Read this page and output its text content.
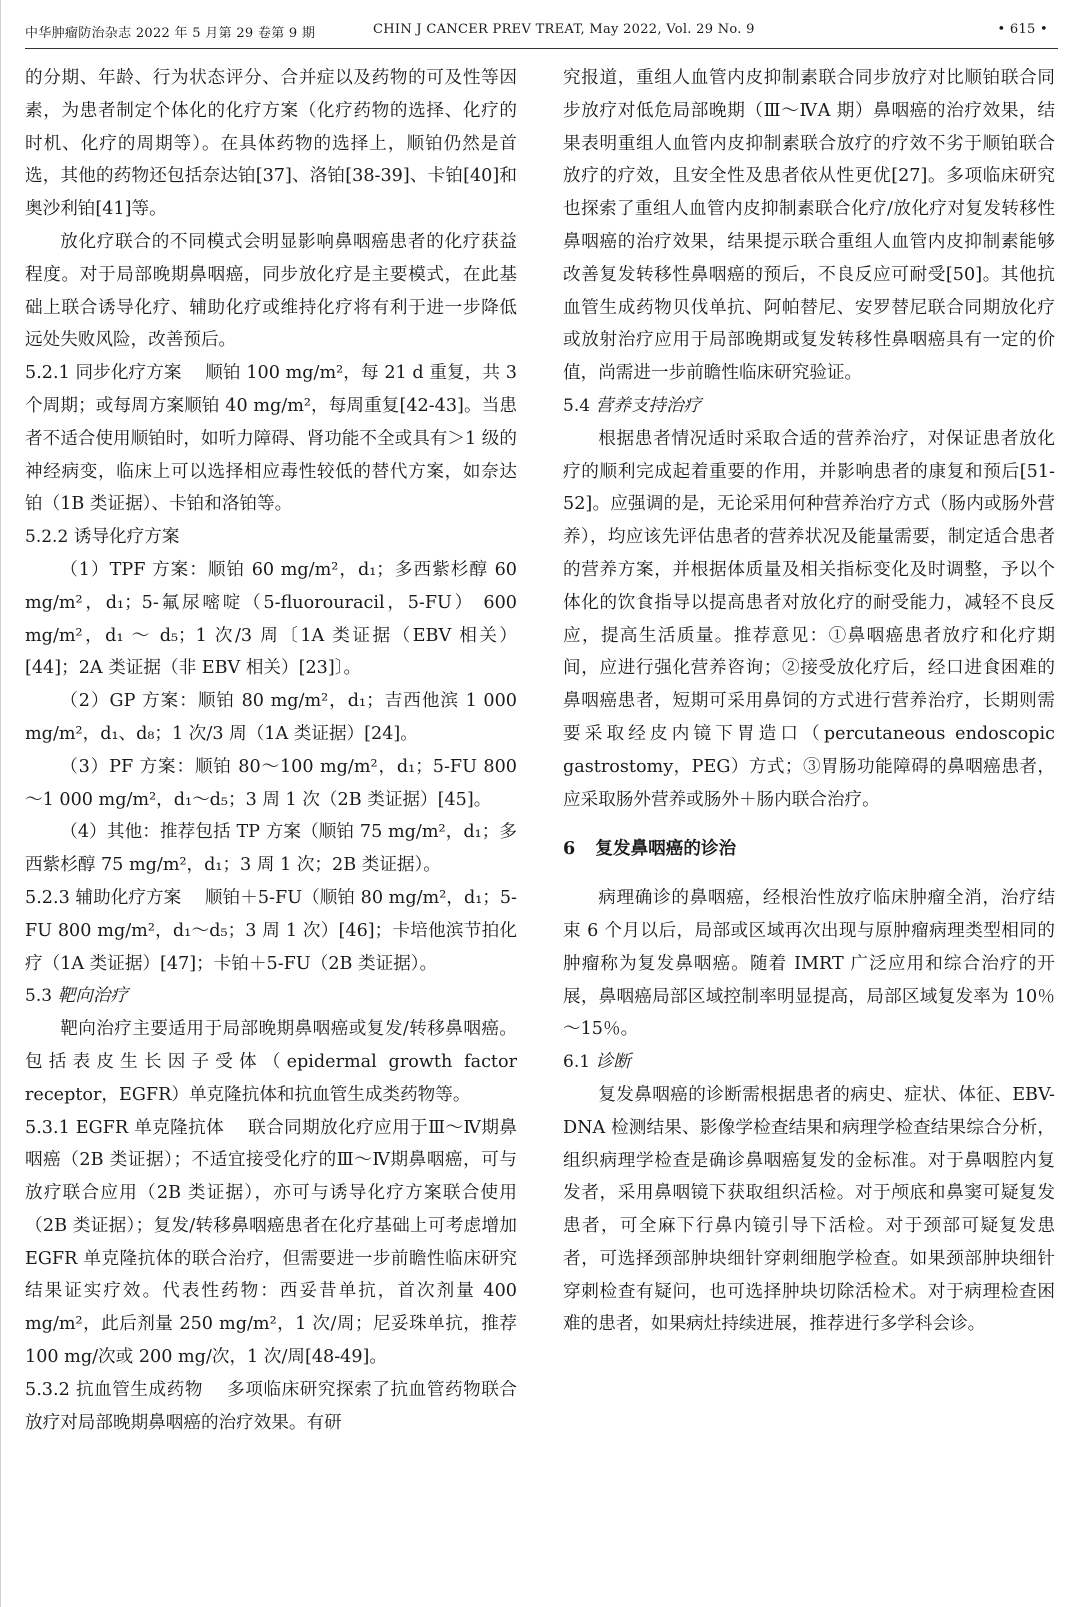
中华肿瘤防治杂志 2022 年 5 月第 29 卷第 9 期	CHIN J CANCER PREV TREAT, May 2022, Vol. 29 No. 9	• 615 •

的分期、年龄、行为状态评分、合并症以及药物的可及性等因素，为患者制定个体化的化疗方案（化疗药物的选择、化疗的时机、化疗的周期等）。在具体药物的选择上，顺铂仍然是首选，其他的药物还包括奈达铂[37]、洛铂[38-39]、卡铂[40]和奥沙利铂[41]等。

放化疗联合的不同模式会明显影响鼻咽癌患者的化疗获益程度。对于局部晚期鼻咽癌，同步放化疗是主要模式，在此基础上联合诱导化疗、辅助化疗或维持化疗将有利于进一步降低远处失败风险，改善预后。

5.2.1 同步化疗方案 顺铂 100 mg/m²，每 21 d 重复，共 3 个周期；或每周方案顺铂 40 mg/m²，每周重复[42-43]。当患者不适合使用顺铂时，如听力障碍、肾功能不全或具有＞1 级的神经病变，临床上可以选择相应毒性较低的替代方案，如奈达铂（1B 类证据）、卡铂和洛铂等。

5.2.2 诱导化疗方案

（1）TPF 方案：顺铂 60 mg/m²，d₁；多西紫杉醇 60 mg/m²，d₁；5-氟尿嘧啶（5-fluorouracil，5-FU） 600 mg/m²，d₁ ～ d₅；1 次/3 周〔1A 类证据（EBV 相关）[44]；2A 类证据（非 EBV 相关）[23]〕。

（2）GP 方案：顺铂 80 mg/m²，d₁；吉西他滨 1 000 mg/m²，d₁、d₈；1 次/3 周（1A 类证据）[24]。

（3）PF 方案：顺铂 80～100 mg/m²，d₁；5-FU 800～1 000 mg/m²，d₁～d₅；3 周 1 次（2B 类证据）[45]。

（4）其他：推荐包括 TP 方案（顺铂 75 mg/m²，d₁；多西紫杉醇 75 mg/m²，d₁；3 周 1 次；2B 类证据）。

5.2.3 辅助化疗方案 顺铂＋5-FU（顺铂 80 mg/m²，d₁；5-FU 800 mg/m²，d₁～d₅；3 周 1 次）[46]；卡培他滨节拍化疗（1A 类证据）[47]；卡铂＋5-FU（2B 类证据）。

5.3 靶向治疗

靶向治疗主要适用于局部晚期鼻咽癌或复发/转移鼻咽癌。包括表皮生长因子受体（epidermal growth factor receptor，EGFR）单克隆抗体和抗血管生成类药物等。

5.3.1 EGFR 单克隆抗体 联合同期放化疗应用于Ⅲ～Ⅳ期鼻咽癌（2B 类证据）；不适宜接受化疗的Ⅲ～Ⅳ期鼻咽癌，可与放疗联合应用（2B 类证据），亦可与诱导化疗方案联合使用（2B 类证据）；复发/转移鼻咽癌患者在化疗基础上可考虑增加 EGFR 单克隆抗体的联合治疗，但需要进一步前瞻性临床研究结果证实疗效。代表性药物：西妥昔单抗，首次剂量 400 mg/m²，此后剂量 250 mg/m²，1 次/周；尼妥珠单抗，推荐 100 mg/次或 200 mg/次，1 次/周[48-49]。

5.3.2 抗血管生成药物 多项临床研究探索了抗血管药物联合放疗对局部晚期鼻咽癌的治疗效果。有研

究报道，重组人血管内皮抑制素联合同步放疗对比顺铂联合同步放疗对低危局部晚期（Ⅲ～ⅣA 期）鼻咽癌的治疗效果，结果表明重组人血管内皮抑制素联合放疗的疗效不劣于顺铂联合放疗的疗效，且安全性及患者依从性更优[27]。多项临床研究也探索了重组人血管内皮抑制素联合化疗/放化疗对复发转移性鼻咽癌的治疗效果，结果提示联合重组人血管内皮抑制素能够改善复发转移性鼻咽癌的预后，不良反应可耐受[50]。其他抗血管生成药物贝伐单抗、阿帕替尼、安罗替尼联合同期放化疗或放射治疗应用于局部晚期或复发转移性鼻咽癌具有一定的价值，尚需进一步前瞻性临床研究验证。

5.4 营养支持治疗

根据患者情况适时采取合适的营养治疗，对保证患者放化疗的顺利完成起着重要的作用，并影响患者的康复和预后[51-52]。应强调的是，无论采用何种营养治疗方式（肠内或肠外营养），均应该先评估患者的营养状况及能量需要，制定适合患者的营养方案，并根据体质量及相关指标变化及时调整，予以个体化的饮食指导以提高患者对放化疗的耐受能力，减轻不良反应，提高生活质量。推荐意见：①鼻咽癌患者放疗和化疗期间，应进行强化营养咨询；②接受放化疗后，经口进食困难的鼻咽癌患者，短期可采用鼻饲的方式进行营养治疗，长期则需要采取经皮内镜下胃造口（percutaneous endoscopic gastrostomy，PEG）方式；③胃肠功能障碍的鼻咽癌患者，应采取肠外营养或肠外＋肠内联合治疗。

6 复发鼻咽癌的诊治

病理确诊的鼻咽癌，经根治性放疗临床肿瘤全消，治疗结束 6 个月以后，局部或区域再次出现与原肿瘤病理类型相同的肿瘤称为复发鼻咽癌。随着 IMRT 广泛应用和综合治疗的开展，鼻咽癌局部区域控制率明显提高，局部区域复发率为 10％～15％。

6.1 诊断

复发鼻咽癌的诊断需根据患者的病史、症状、体征、EBV-DNA 检测结果、影像学检查结果和病理学检查结果综合分析，组织病理学检查是确诊鼻咽癌复发的金标准。对于鼻咽腔内复发者，采用鼻咽镜下获取组织活检。对于颅底和鼻窦可疑复发患者，可全麻下行鼻内镜引导下活检。对于颈部可疑复发患者，可选择颈部肿块细针穿刺细胞学检查。如果颈部肿块细针穿刺检查有疑问，也可选择肿块切除活检术。对于病理检查困难的患者，如果病灶持续进展，推荐进行多学科会诊。
